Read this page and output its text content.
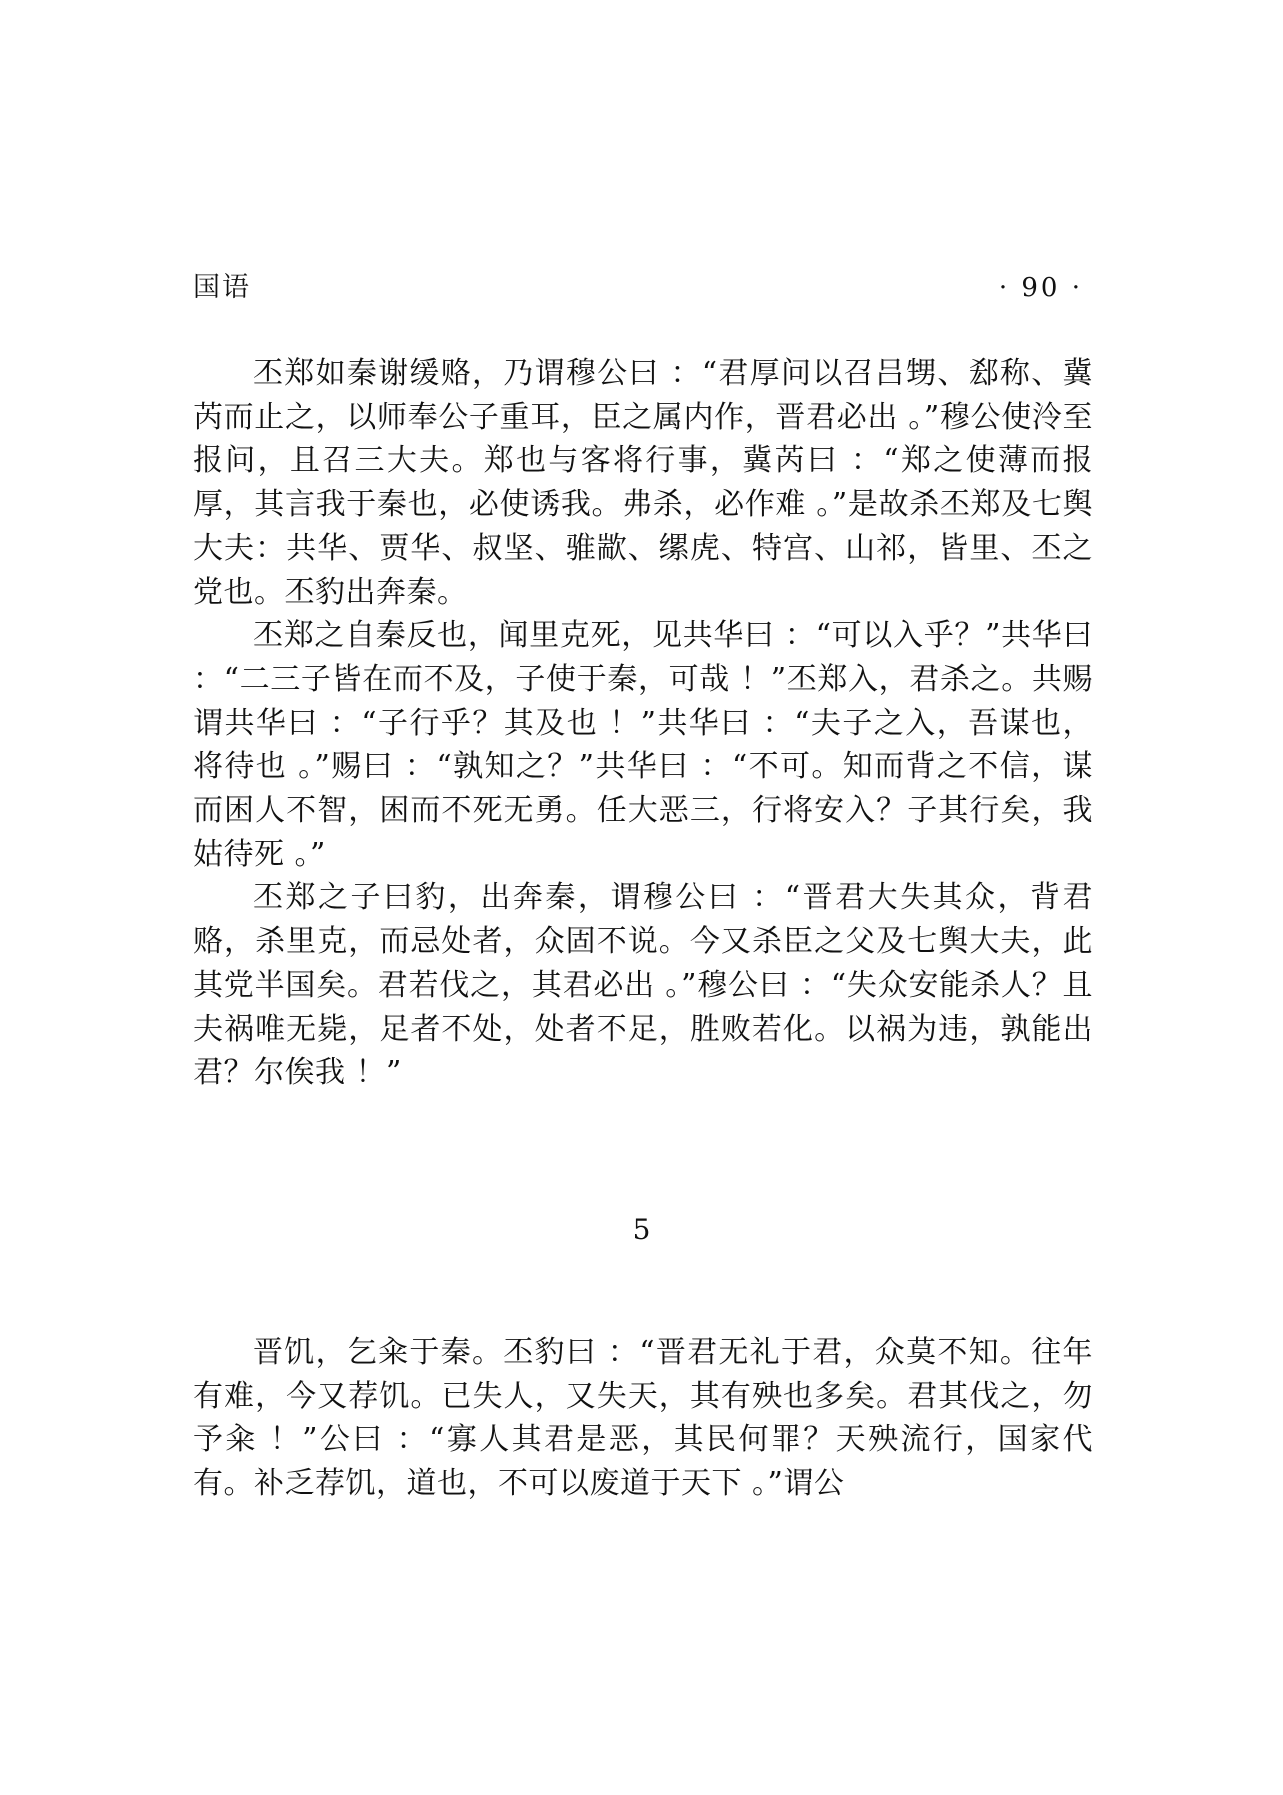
国语	· 90 ·

丕郑如秦谢缓赂，乃谓穆公曰 ：“君厚问以召吕甥、郄称、冀芮而止之，以师奉公子重耳，臣之属内作，晋君必出 。”穆公使泠至报问，且召三大夫。郑也与客将行事，冀芮曰 ：“郑之使薄而报厚，其言我于秦也，必使诱我。弗杀，必作难 。”是故杀丕郑及七舆大夫：共华、贾华、叔坚、骓歂、缧虎、特宫、山祁，皆里、丕之党也。丕豹出奔秦。

丕郑之自秦反也，闻里克死，见共华曰 ：“可以入乎？”共华曰 ：“二三子皆在而不及，子使于秦，可哉 ！”丕郑入，君杀之。共赐谓共华曰 ：“子行乎？其及也 ！”共华曰 ：“夫子之入，吾谋也，将待也 。”赐曰 ：“孰知之？”共华曰 ：“不可。知而背之不信，谋而困人不智，困而不死无勇。任大恶三，行将安入？子其行矣，我姑待死 。”

丕郑之子曰豹，出奔秦，谓穆公曰 ：“晋君大失其众，背君赂，杀里克，而忌处者，众固不说。今又杀臣之父及七舆大夫，此其党半国矣。君若伐之，其君必出 。”穆公曰 ：“失众安能杀人？且夫祸唯无毙，足者不处，处者不足，胜败若化。以祸为违，孰能出君？尔俟我 ！”

5

晋饥，乞籴于秦。丕豹曰 ：“晋君无礼于君，众莫不知。往年有难，今又荐饥。已失人，又失天，其有殃也多矣。君其伐之，勿予籴 ！”公曰 ：“寡人其君是恶，其民何罪？天殃流行，国家代有。补乏荐饥，道也，不可以废道于天下 。”谓公
